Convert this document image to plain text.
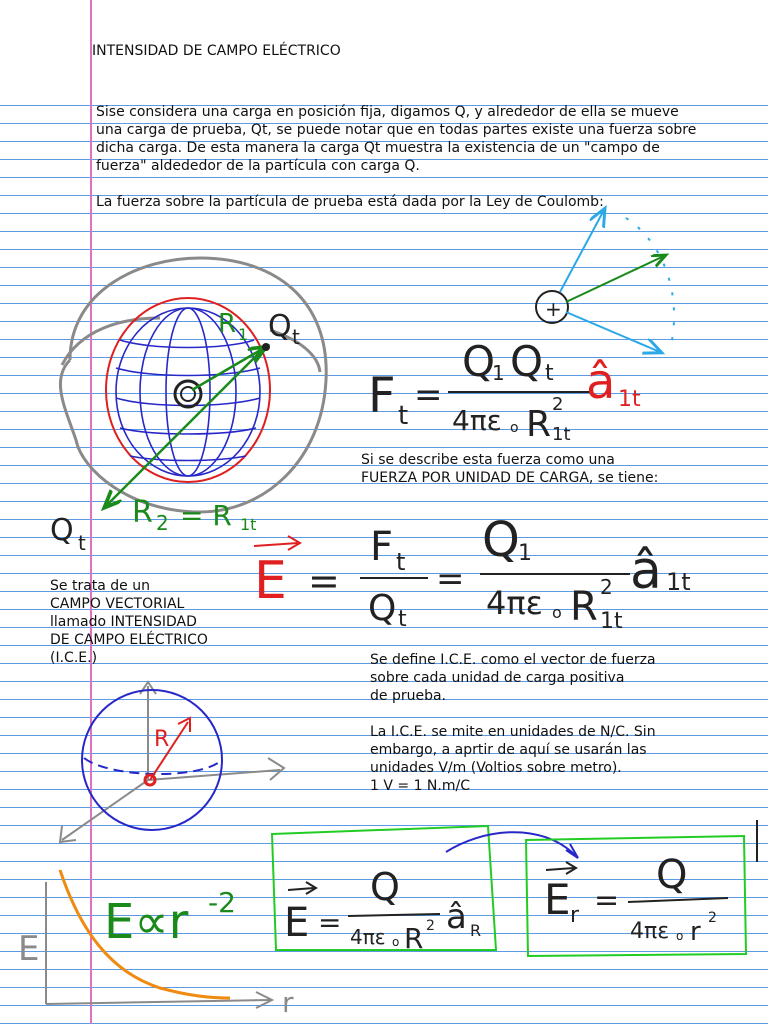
INTENSIDAD DE CAMPO ELÉCTRICO
Sise considera una carga en posición fija, digamos Q, y alrededor de ella se mueve
una carga de prueba, Qt, se puede notar que en todas partes existe una fuerza sobre
dicha carga. De esta manera la carga Qt muestra la existencia de un "campo de
fuerza" aldededor de la partícula con carga Q.
La fuerza sobre la partícula de prueba está dada por la Ley de Coulomb:
Si se describe esta fuerza como una
FUERZA POR UNIDAD DE CARGA, se tiene:
Se trata de un
CAMPO VECTORIAL
llamado INTENSIDAD
DE CAMPO ELÉCTRICO
(I.C.E.)	Se define I.C.E. como el vector de fuerza
sobre cada unidad de carga positiva
de prueba.
La I.C.E. se mite en unidades de N/C. Sin
embargo, a aprtir de aquí se usarán las
unidades V/m (Voltios sobre metro).
1 V = 1 N.m/C
R 1 Q t
R 2 = R 1t
Q t
+
F t
=
Q
1 Q t
4πε o R 2
1t
â 1t
E =
F t
Q t
=
Q
1
4πε o R 2
1t
â 1t
R
E
r
E∝r -2 E =
Q
4πε o R 2 â R
E r =
Q
4πε o r 2
